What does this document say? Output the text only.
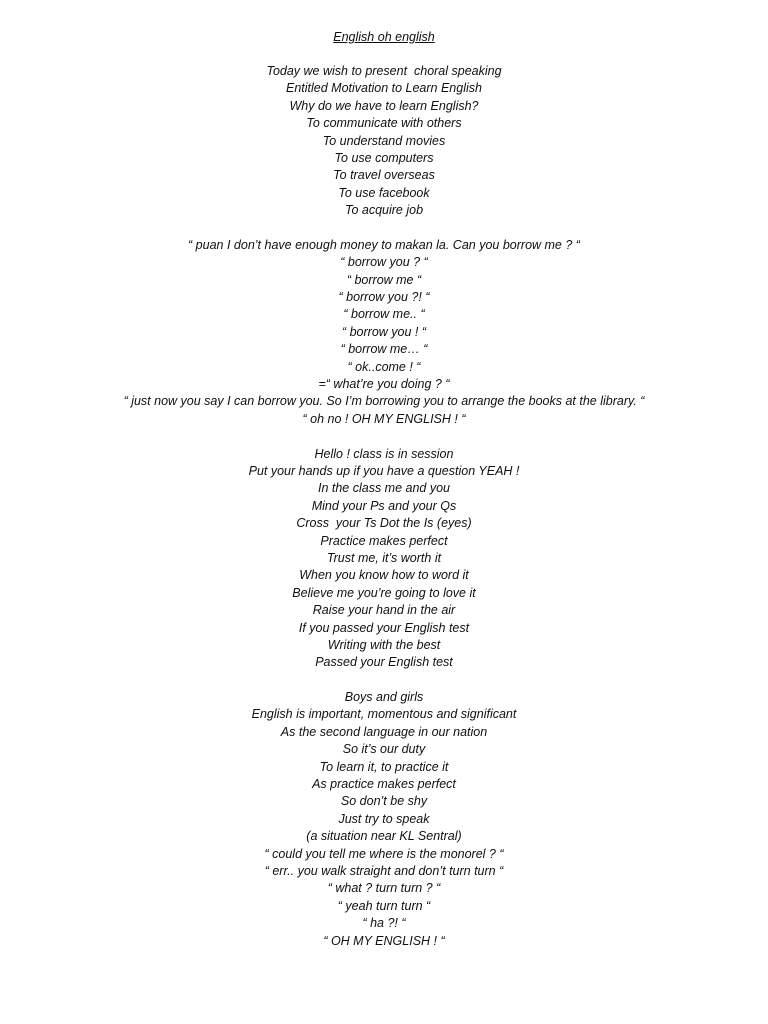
English oh english
Today we wish to present  choral speaking
Entitled Motivation to Learn English
Why do we have to learn English?
To communicate with others
To understand movies
To use computers
To travel overseas
To use facebook
To acquire job
“ puan I don’t have enough money to makan la. Can you borrow me ? “
“ borrow you ? “
“ borrow me “
“ borrow you ?! “
“ borrow me.. “
“ borrow you ! “
“ borrow me… “
“ ok..come ! “
=“ what’re you doing ? “
“ just now you say I can borrow you. So I’m borrowing you to arrange the books at the library. “
“ oh no ! OH MY ENGLISH ! “
Hello ! class is in session
Put your hands up if you have a question YEAH !
In the class me and you
Mind your Ps and your Qs
Cross  your Ts Dot the Is (eyes)
Practice makes perfect
Trust me, it’s worth it
When you know how to word it
Believe me you’re going to love it
Raise your hand in the air
If you passed your English test
Writing with the best
Passed your English test
Boys and girls
English is important, momentous and significant
As the second language in our nation
So it’s our duty
To learn it, to practice it
As practice makes perfect
So don’t be shy
Just try to speak
(a situation near KL Sentral)
“ could you tell me where is the monorel ? “
“ err.. you walk straight and don’t turn turn “
“ what ? turn turn ? “
“ yeah turn turn “
“ ha ?! “
“ OH MY ENGLISH ! “
